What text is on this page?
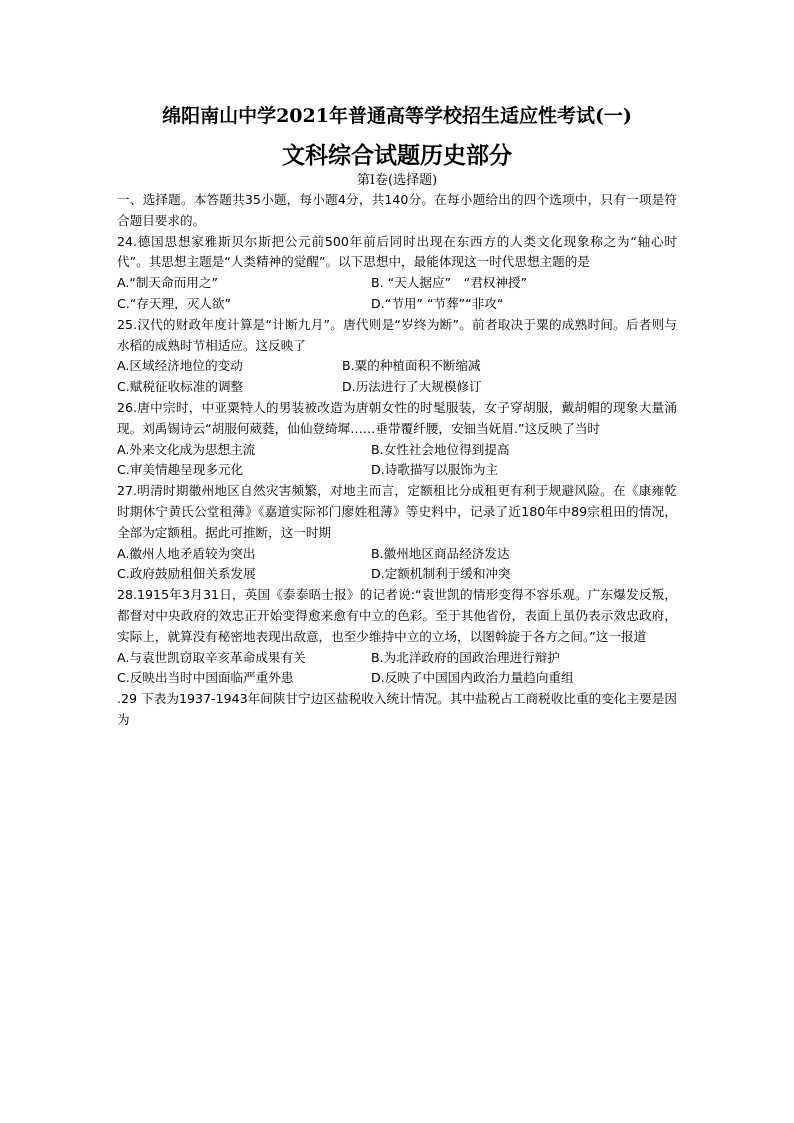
绵阳南山中学2021年普通高等学校招生适应性考试(一)
文科综合试题历史部分
第I卷(选择题)

一、选择题。本答题共35小题，每小题4分，共140分。在每小题给出的四个选项中，只有一项是符合题目要求的。

24.德国思想家雅斯贝尔斯把公元前500年前后同时出现在东西方的人类文化现象称之为“轴心时代”。其思想主题是“人类精神的觉醒”。以下思想中，最能体现这一时代思想主题的是

A.“制天命而用之”	B. “天人据应”　“君权神授”
C.“存天理，灭人欲”	D.“节用” “节葬”“非攻“

25.汉代的财政年度计算是“计断九月”。唐代则是“岁终为断”。前者取决于粟的成熟时间。后者则与水稻的成熟时节相适应。这反映了

A.区域经济地位的变动	B.粟的种植面积不断缩减
C.赋税征收标准的调整	D.历法进行了大规模修订

26.唐中宗时，中亚粟特人的男装被改造为唐朝女性的时髦服装，女子穿胡服，戴胡帽的现象大量涌现。刘禹锡诗云“胡服何葳蕤，仙仙登绮墀……垂带覆纤腰，安钿当妩眉.”这反映了当时

A.外来文化成为思想主流	B.女性社会地位得到提高
C.审美情趣呈现多元化	D.诗歌描写以服饰为主

27.明清时期徽州地区自然灾害频繁，对地主而言，定额租比分成租更有利于规避风险。在《康雍乾时期休宁黄氏公堂租薄》《嘉道实际祁门廖姓租薄》等史料中，记录了近180年中89宗租田的情况，全部为定额租。据此可推断，这一时期

A.徽州人地矛盾较为突出	B.徽州地区商品经济发达
C.政府鼓励租佃关系发展	D.定额机制利于缓和冲突

28.1915年3月31日，英国《泰泰晤士报》的记者说:“袁世凯的情形变得不容乐观。广东爆发反叛，都督对中央政府的效忠正开始变得愈来愈有中立的色彩。至于其他省份，表面上虽仍表示效忠政府，实际上，就算没有秘密地表现出敌意，也至少维持中立的立场，以图斡旋于各方之间。”这一报道

A.与袁世凯窃取辛亥革命成果有关	B.为北洋政府的国政治理进行辩护
C.反映出当时中国面临严重外患	D.反映了中国国内政治力量趋向重组

.29 下表为1937-1943年间陕甘宁边区盐税收入统计情况。其中盐税占工商税收比重的变化主要是因为
